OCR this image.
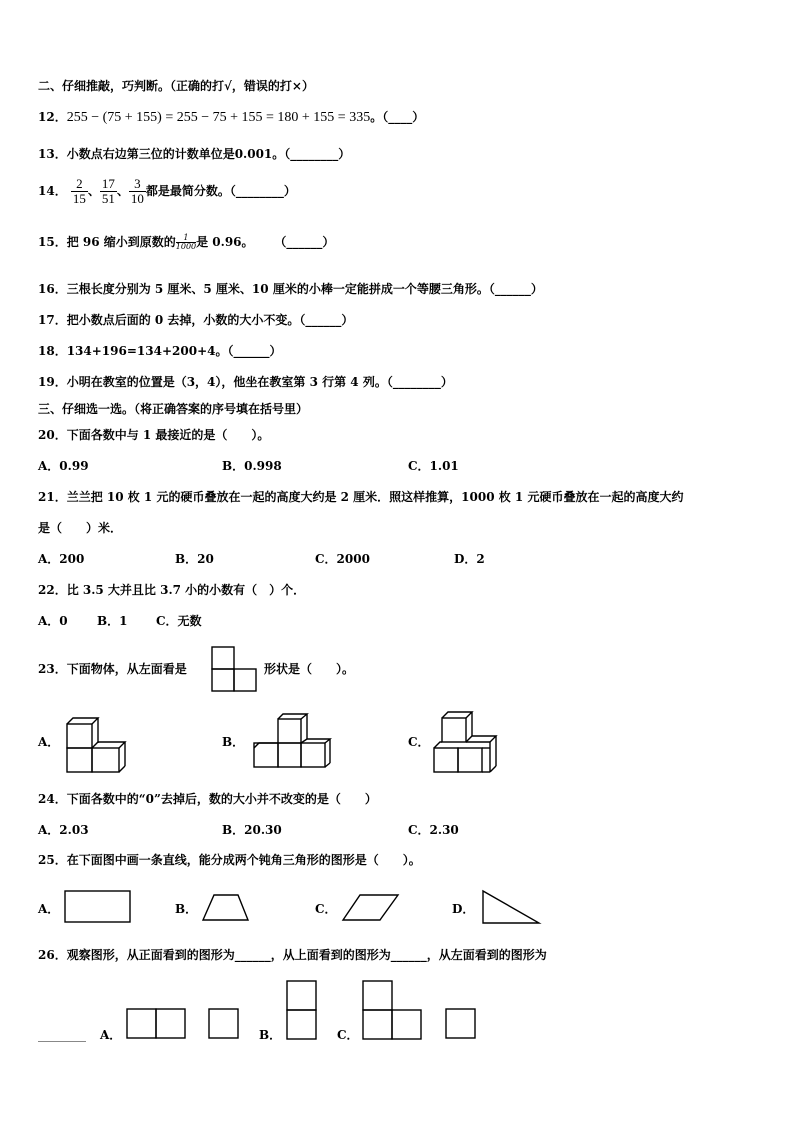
二、仔细推敲，巧判断。（正确的打√，错误的打×）
12．255 − (75 + 155) = 255 − 75 + 155 = 180 + 155 = 335。（____）
13．小数点右边第三位的计数单位是0.001。（________）
14． $\frac{2}{15}$ 、 $\frac{17}{51}$ 、 $\frac{3}{10}$ 都是最简分数。（________）
15．把 96 缩小到原数的 $\frac{1}{1000}$是 0.96。 （______）
16．三根长度分别为 5 厘米、5 厘米、10 厘米的小棒一定能拼成一个等腰三角形。（______）
17．把小数点后面的 0 去掉，小数的大小不变。（______）
18．134+196=134+200+4。（______）
19．小明在教室的位置是（3，4），他坐在教室第 3 行第 4 列。（________）
三、仔细选一选。（将正确答案的序号填在括号里）
20．下面各数中与 1 最接近的是（　　）。
A．0.99	B．0.998	C．1.01
21．兰兰把 10 枚 1 元的硬币叠放在一起的高度大约是 2 厘米．照这样推算，1000 枚 1 元硬币叠放在一起的高度大约
是（　　）米．
A．200	B．20	C．2000	D．2
22．比 3.5 大并且比 3.7 小的小数有（　）个．
A．0 B．1 C．无数
23．下面物体，从左面看是	形状是（　　）。
A．	B．	C．
24．下面各数中的“0”去掉后，数的大小并不改变的是（　　）
A．2.03	B．20.30	C．2.30
25．在下面图中画一条直线，能分成两个钝角三角形的图形是（　　）。
A．	B．	C．	D．
26．观察图形，从正面看到的图形为______，从上面看到的图形为______，从左面看到的图形为
________ A．	B．	C．
